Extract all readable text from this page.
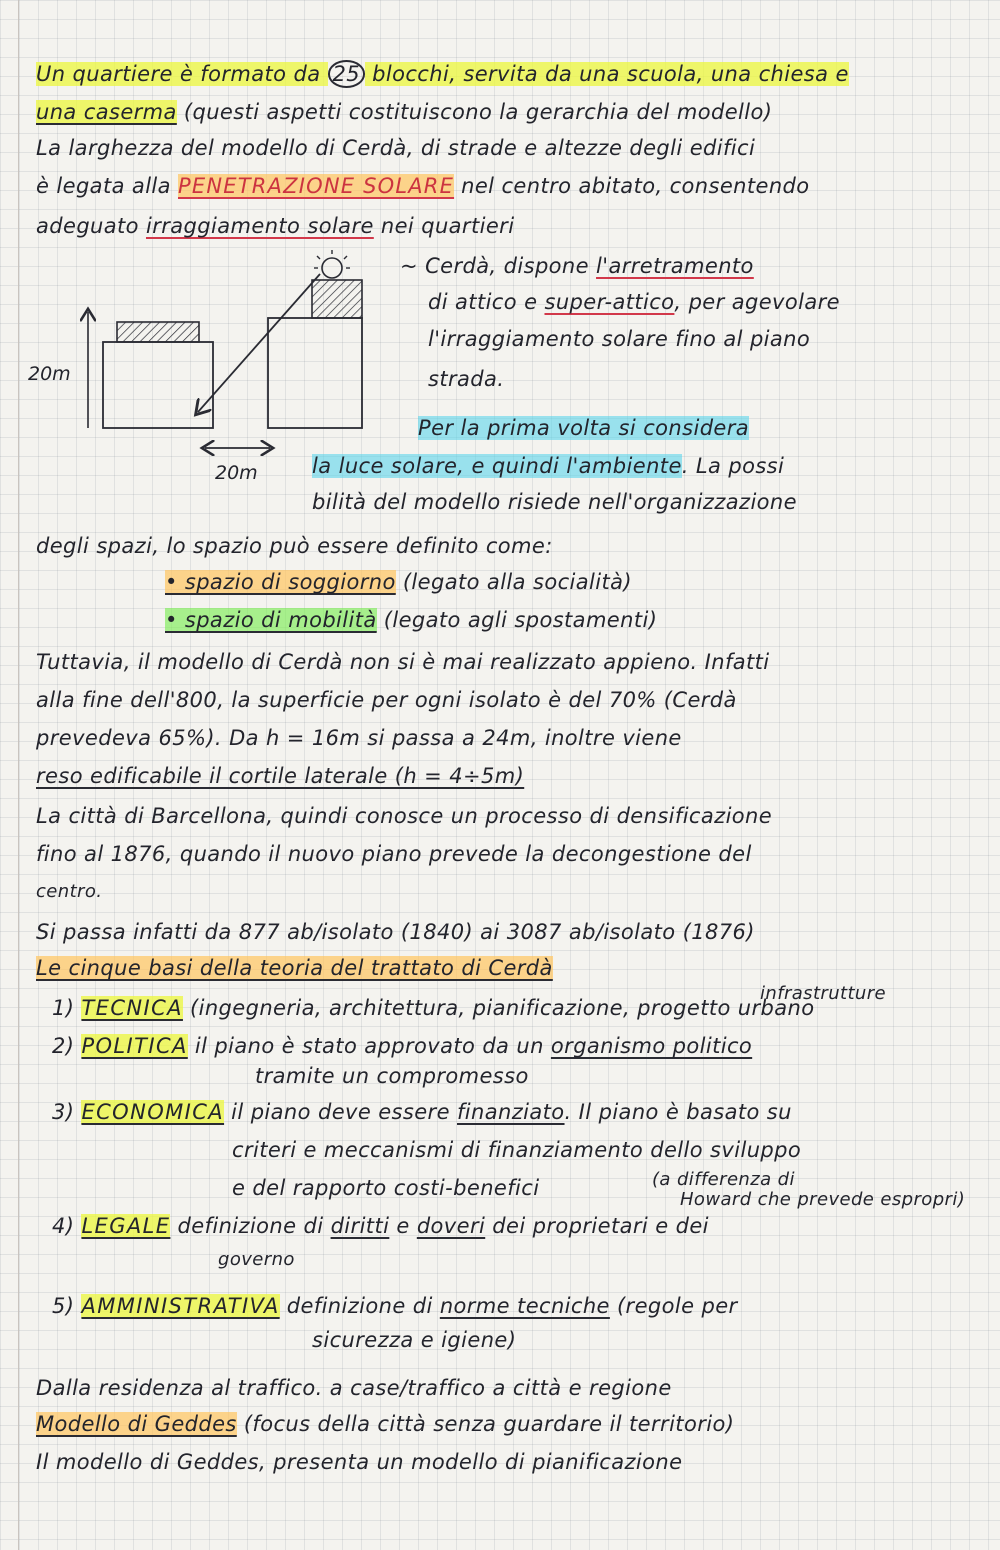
Un quartiere è formato da 25 blocchi, servita da una scuola, una chiesa e
una caserma (questi aspetti costituiscono la gerarchia del modello)
La larghezza del modello di Cerdà, di strade e altezze degli edifici
è legata alla PENETRAZIONE SOLARE nel centro abitato, consentendo
adeguato irraggiamento solare nei quartieri
20m
20m
~ Cerdà, dispone l'arretramento
di attico e super-attico, per agevolare
l'irraggiamento solare fino al piano
strada.
Per la prima volta si considera
la luce solare, e quindi l'ambiente. La possi
bilità del modello risiede nell'organizzazione
degli spazi, lo spazio può essere definito come:
• spazio di soggiorno (legato alla socialità)
• spazio di mobilità (legato agli spostamenti)
Tuttavia, il modello di Cerdà non si è mai realizzato appieno. Infatti
alla fine dell'800, la superficie per ogni isolato è del 70% (Cerdà
prevedeva 65%). Da h = 16m si passa a 24m, inoltre viene
reso edificabile il cortile laterale (h = 4÷5m)
La città di Barcellona, quindi conosce un processo di densificazione
fino al 1876, quando il nuovo piano prevede la decongestione del
centro.
Si passa infatti da 877 ab/isolato (1840) ai 3087 ab/isolato (1876)
Le cinque basi della teoria del trattato di Cerdà
infrastrutture
1) TECNICA (ingegneria, architettura, pianificazione, progetto urbano
2) POLITICA il piano è stato approvato da un organismo politico
tramite un compromesso
3) ECONOMICA il piano deve essere finanziato. Il piano è basato su
criteri e meccanismi di finanziamento dello sviluppo
e del rapporto costi-benefici	(a differenza di
Howard che prevede espropri)
4) LEGALE definizione di diritti e doveri dei proprietari e dei
governo
5) AMMINISTRATIVA definizione di norme tecniche (regole per
sicurezza e igiene)
Dalla residenza al traffico. a case/traffico a città e regione
Modello di Geddes (focus della città senza guardare il territorio)
Il modello di Geddes, presenta un modello di pianificazione
